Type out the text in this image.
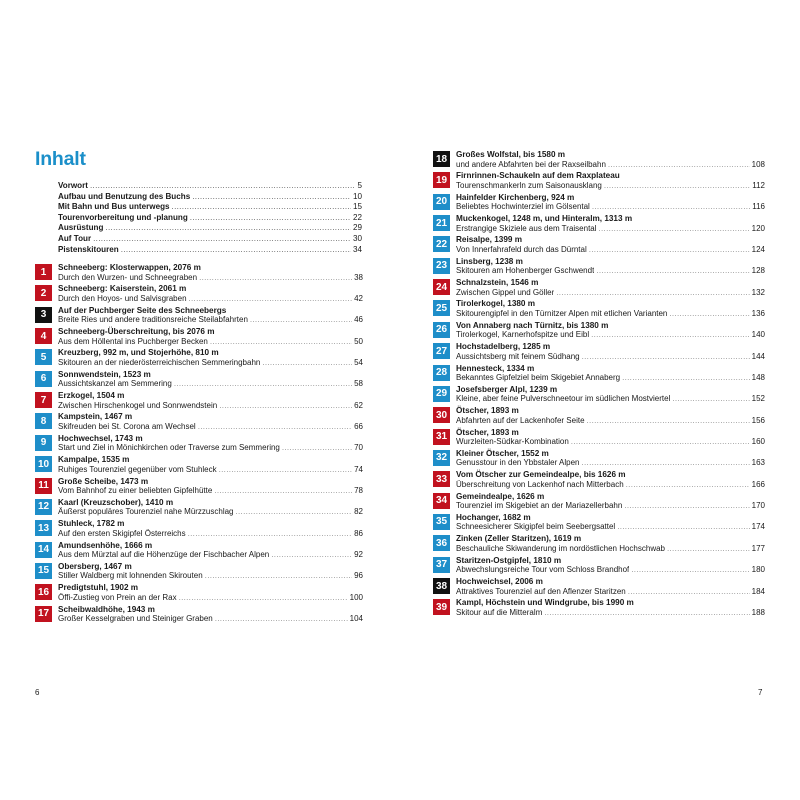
Inhalt
Vorwort .....	5
Aufbau und Benutzung des Buchs .....	10
Mit Bahn und Bus unterwegs .....	15
Tourenvorbereitung und -planung .....	22
Ausrüstung .....	29
Auf Tour .....	30
Pistenskitouren .....	34
6	7
1	Schneeberg: Klosterwappen, 2076 m
Durch den Wurzen- und Schneegraben .....	38
2	Schneeberg: Kaiserstein, 2061 m
Durch den Hoyos- und Salvisgraben .....	42
3	Auf der Puchberger Seite des Schneebergs
Breite Ries und andere traditionsreiche Steilabfahrten .....	46
4	Schneeberg-Überschreitung, bis 2076 m
Aus dem Höllental ins Puchberger Becken .....	50
5	Kreuzberg, 992 m, und Stojerhöhe, 810 m
Skitouren an der niederösterreichischen Semmeringbahn .....	54
6	Sonnwendstein, 1523 m
Aussichtskanzel am Semmering .....	58
7	Erzkogel, 1504 m
Zwischen Hirschenkogel und Sonnwendstein .....	62
8	Kampstein, 1467 m
Skifreuden bei St. Corona am Wechsel .....	66
9	Hochwechsel, 1743 m
Start und Ziel in Mönichkirchen oder Traverse zum Semmering .....	70
10	Kampalpe, 1535 m
Ruhiges Tourenziel gegenüber vom Stuhleck .....	74
11	Große Scheibe, 1473 m
Vom Bahnhof zu einer beliebten Gipfelhütte .....	78
12	Kaarl (Kreuzschober), 1410 m
Äußerst populäres Tourenziel nahe Mürzzuschlag .....	82
13	Stuhleck, 1782 m
Auf den ersten Skigipfel Österreichs .....	86
14	Amundsenhöhe, 1666 m
Aus dem Mürztal auf die Höhenzüge der Fischbacher Alpen .....	92
15	Obersberg, 1467 m
Stiller Waldberg mit lohnenden Skirouten .....	96
16	Predigtstuhl, 1902 m
Öffi-Zustieg von Prein an der Rax .....	100
17	Scheibwaldhöhe, 1943 m
Großer Kesselgraben und Steiniger Graben .....	104
18	Großes Wolfstal, bis 1580 m
und andere Abfahrten bei der Raxseilbahn .....	108
19	Firnrinnen-Schaukeln auf dem Raxplateau
Tourenschmankerln zum Saisonausklang .....	112
20	Hainfelder Kirchenberg, 924 m
Beliebtes Hochwinterziel im Gölsental .....	116
21	Muckenkogel, 1248 m, und Hinteralm, 1313 m
Erstrangige Skiziele aus dem Traisental .....	120
22	Reisalpe, 1399 m
Von Innerfahrafeld durch das Dürntal .....	124
23	Linsberg, 1238 m
Skitouren am Hohenberger Gschwendt .....	128
24	Schnalzstein, 1546 m
Zwischen Gippel und Göller .....	132
25	Tirolerkogel, 1380 m
Skitourengipfel in den Türnitzer Alpen mit etlichen Varianten .....	136
26	Von Annaberg nach Türnitz, bis 1380 m
Tirolerkogel, Karnerhofspitze und Eibl .....	140
27	Hochstadelberg, 1285 m
Aussichtsberg mit feinem Südhang .....	144
28	Hennesteck, 1334 m
Bekanntes Gipfelziel beim Skigebiet Annaberg .....	148
29	Josefsberger Alpl, 1239 m
Kleine, aber feine Pulverschneetour im südlichen Mostviertel .....	152
30	Ötscher, 1893 m
Abfahrten auf der Lackenhofer Seite .....	156
31	Ötscher, 1893 m
Wurzleiten-Südkar-Kombination .....	160
32	Kleiner Ötscher, 1552 m
Genusstour in den Ybbstaler Alpen .....	163
33	Vom Ötscher zur Gemeindealpe, bis 1626 m
Überschreitung von Lackenhof nach Mitterbach .....	166
34	Gemeindealpe, 1626 m
Tourenziel im Skigebiet an der Mariazellerbahn .....	170
35	Hochanger, 1682 m
Schneesicherer Skigipfel beim Seebergsattel .....	174
36	Zinken (Zeller Staritzen), 1619 m
Beschauliche Skiwanderung im nordöstlichen Hochschwab .....	177
37	Staritzen-Ostgipfel, 1810 m
Abwechslungsreiche Tour vom Schloss Brandhof .....	180
38	Hochweichsel, 2006 m
Attraktives Tourenziel auf den Aflenzer Staritzen .....	184
39	Kampl, Höchstein und Windgrube, bis 1990 m
Skitour auf die Mitteralm .....	188
